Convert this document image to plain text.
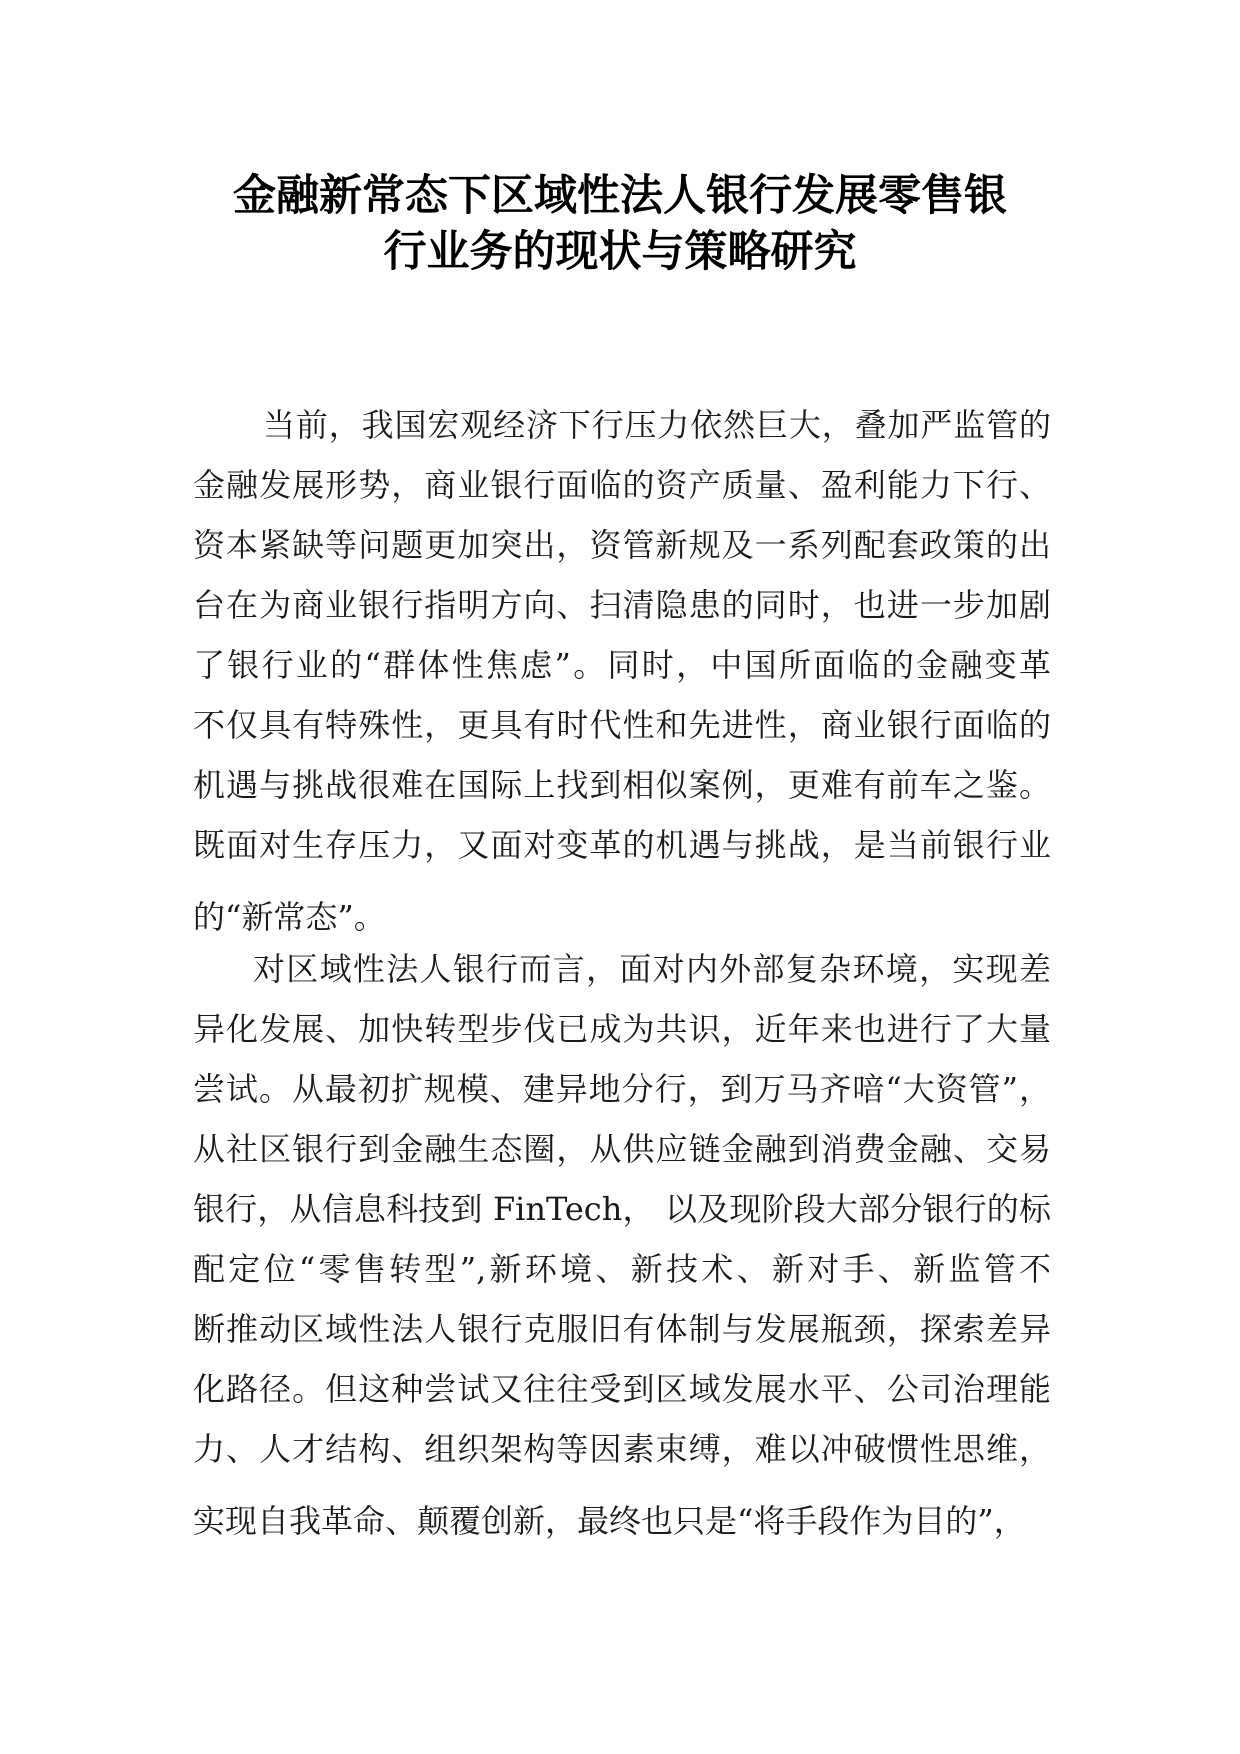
金融新常态下区域性法人银行发展零售银
行业务的现状与策略研究
当前，我国宏观经济下行压力依然巨大，叠加严监管的
金融发展形势，商业银行面临的资产质量、盈利能力下行、
资本紧缺等问题更加突出，资管新规及一系列配套政策的出
台在为商业银行指明方向、扫清隐患的同时，也进一步加剧
了银行业的“群体性焦虑”。同时，中国所面临的金融变革
不仅具有特殊性，更具有时代性和先进性，商业银行面临的
机遇与挑战很难在国际上找到相似案例，更难有前车之鉴。
既面对生存压力，又面对变革的机遇与挑战，是当前银行业
的“新常态”。
对区域性法人银行而言，面对内外部复杂环境，实现差
异化发展、加快转型步伐已成为共识，近年来也进行了大量
尝试。从最初扩规模、建异地分行，到万马齐喑“大资管”，
从社区银行到金融生态圈，从供应链金融到消费金融、交易
银行，从信息科技到 FinTech， 以及现阶段大部分银行的标
配定位“零售转型”,新环境、新技术、新对手、新监管不
断推动区域性法人银行克服旧有体制与发展瓶颈，探索差异
化路径。但这种尝试又往往受到区域发展水平、公司治理能
力、人才结构、组织架构等因素束缚，难以冲破惯性思维，
实现自我革命、颠覆创新，最终也只是“将手段作为目的”，
